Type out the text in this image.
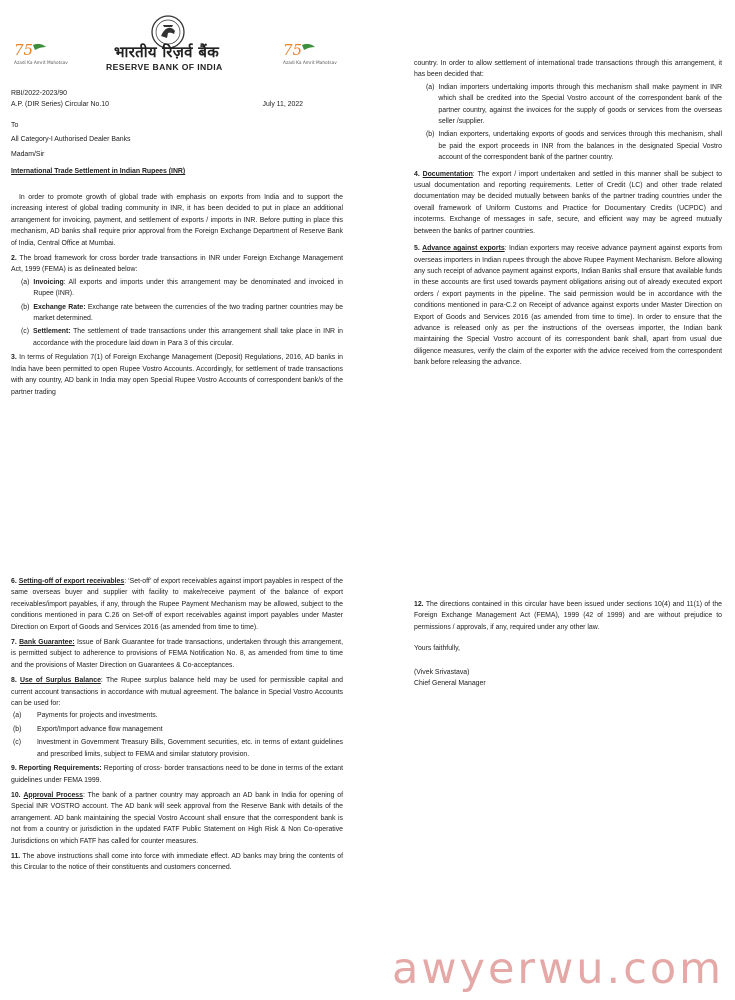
भारतीय रिज़र्व बैंक
RESERVE BANK OF INDIA
75
Azadi Ka Amrit Mahotsav
75
Azadi Ka Amrit Mahotsav

RBI/2022-2023/90

A.P. (DIR Series) Circular No.10	July 11, 2022

To

All Category-I Authorised Dealer Banks

Madam/Sir

International Trade Settlement in Indian Rupees (INR)

In order to promote growth of global trade with emphasis on exports from India and to support the increasing interest of global trading community in INR, it has been decided to put in place an additional arrangement for invoicing, payment, and settlement of exports / imports in INR. Before putting in place this mechanism, AD banks shall require prior approval from the Foreign Exchange Department of Reserve Bank of India, Central Office at Mumbai.

2. The broad framework for cross border trade transactions in INR under Foreign Exchange Management Act, 1999 (FEMA) is as delineated below:

(a) Invoicing: All exports and imports under this arrangement may be denominated and invoiced in Rupee (INR).
(b) Exchange Rate: Exchange rate between the currencies of the two trading partner countries may be market determined.
(c) Settlement: The settlement of trade transactions under this arrangement shall take place in INR in accordance with the procedure laid down in Para 3 of this circular.

3. In terms of Regulation 7(1) of Foreign Exchange Management (Deposit) Regulations, 2016, AD banks in India have been permitted to open Rupee Vostro Accounts. Accordingly, for settlement of trade transactions with any country, AD bank in India may open Special Rupee Vostro Accounts of correspondent bank/s of the partner trading

country. In order to allow settlement of international trade transactions through this arrangement, it has been decided that:

(a) Indian importers undertaking imports through this mechanism shall make payment in INR which shall be credited into the Special Vostro account of the correspondent bank of the partner country, against the invoices for the supply of goods or services from the overseas seller /supplier.
(b) Indian exporters, undertaking exports of goods and services through this mechanism, shall be paid the export proceeds in INR from the balances in the designated Special Vostro account of the correspondent bank of the partner country.

4. Documentation: The export / import undertaken and settled in this manner shall be subject to usual documentation and reporting requirements. Letter of Credit (LC) and other trade related documentation may be decided mutually between banks of the partner trading countries under the overall framework of Uniform Customs and Practice for Documentary Credits (UCPDC) and incoterms. Exchange of messages in safe, secure, and efficient way may be agreed mutually between the banks of partner countries.

5. Advance against exports: Indian exporters may receive advance payment against exports from overseas importers in Indian rupees through the above Rupee Payment Mechanism. Before allowing any such receipt of advance payment against exports, Indian Banks shall ensure that available funds in these accounts are first used towards payment obligations arising out of already executed export orders / export payments in the pipeline. The said permission would be in accordance with the conditions mentioned in para-C.2 on Receipt of advance against exports under Master Direction on Export of Goods and Services 2016 (as amended from time to time). In order to ensure that the advance is released only as per the instructions of the overseas importer, the Indian bank maintaining the Special Vostro account of its correspondent bank shall, apart from usual due diligence measures, verify the claim of the exporter with the advice received from the correspondent bank before releasing the advance.

6. Setting-off of export receivables: ‘Set-off’ of export receivables against import payables in respect of the same overseas buyer and supplier with facility to make/receive payment of the balance of export receivables/import payables, if any, through the Rupee Payment Mechanism may be allowed, subject to the conditions mentioned in para C.26 on Set-off of export receivables against import payables under Master Direction on Export of Goods and Services 2016 (as amended from time to time).

7. Bank Guarantee: Issue of Bank Guarantee for trade transactions, undertaken through this arrangement, is permitted subject to adherence to provisions of FEMA Notification No. 8, as amended from time to time and the provisions of Master Direction on Guarantees & Co-acceptances.

8. Use of Surplus Balance: The Rupee surplus balance held may be used for permissible capital and current account transactions in accordance with mutual agreement. The balance in Special Vostro Accounts can be used for:

(a)	Payments for projects and investments.
(b)	Export/Import advance flow management
(c)	Investment in Government Treasury Bills, Government securities, etc. in terms of extant guidelines and prescribed limits, subject to FEMA and similar statutory provision.

9. Reporting Requirements: Reporting of cross- border transactions need to be done in terms of the extant guidelines under FEMA 1999.

10. Approval Process: The bank of a partner country may approach an AD bank in India for opening of Special INR VOSTRO account. The AD bank will seek approval from the Reserve Bank with details of the arrangement. AD bank maintaining the special Vostro Account shall ensure that the correspondent bank is not from a country or jurisdiction in the updated FATF Public Statement on High Risk & Non Co-operative Jurisdictions on which FATF has called for counter measures.

11. The above instructions shall come into force with immediate effect. AD banks may bring the contents of this Circular to the notice of their constituents and customers concerned.

12. The directions contained in this circular have been issued under sections 10(4) and 11(1) of the Foreign Exchange Management Act (FEMA), 1999 (42 of 1999) and are without prejudice to permissions / approvals, if any, required under any other law.

Yours faithfully,

(Vivek Srivastava)

Chief General Manager

awyerwu.com
